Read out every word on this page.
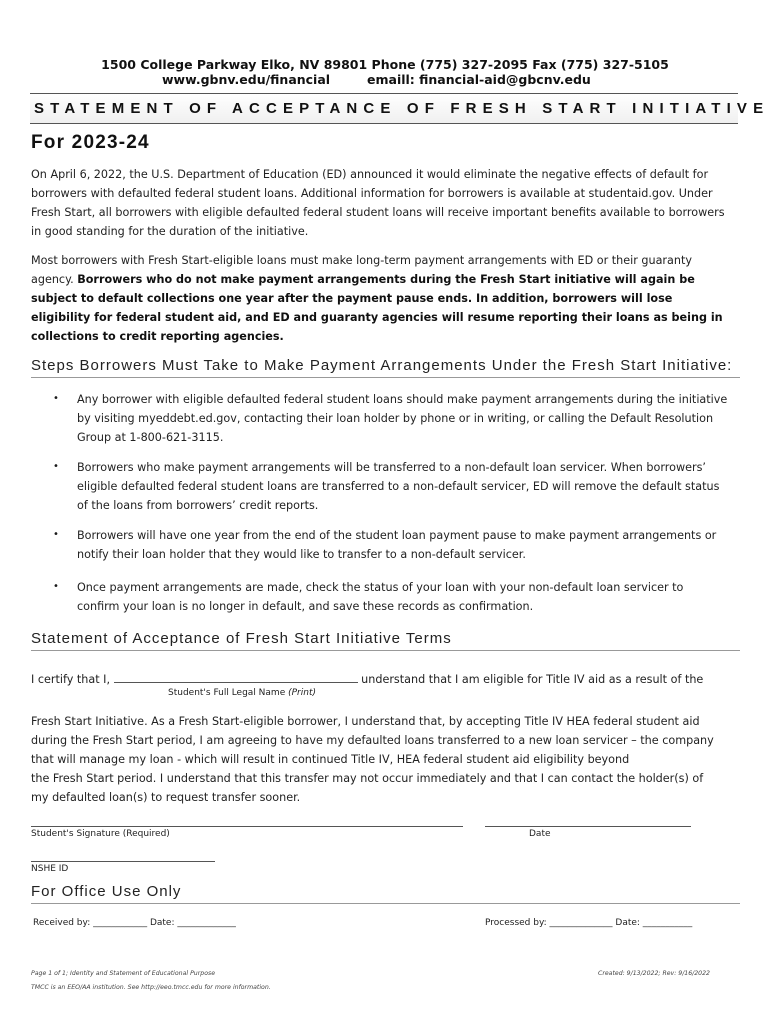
1500 College Parkway Elko, NV 89801 Phone (775) 327-2095 Fax (775) 327-5105
www.gbnv.edu/financial	emaill: financial-aid@gbcnv.edu
STATEMENT OF ACCEPTANCE OF FRESH START INITIATIVE
For 2023-24
On April 6, 2022, the U.S. Department of Education (ED) announced it would eliminate the negative effects of default for
borrowers with defaulted federal student loans. Additional information for borrowers is available at studentaid.gov. Under
Fresh Start, all borrowers with eligible defaulted federal student loans will receive important benefits available to borrowers
in good standing for the duration of the initiative.
Most borrowers with Fresh Start-eligible loans must make long-term payment arrangements with ED or their guaranty
agency. Borrowers who do not make payment arrangements during the Fresh Start initiative will again be
subject to default collections one year after the payment pause ends. In addition, borrowers will lose
eligibility for federal student aid, and ED and guaranty agencies will resume reporting their loans as being in
collections to credit reporting agencies.
Steps Borrowers Must Take to Make Payment Arrangements Under the Fresh Start Initiative:
• Any borrower with eligible defaulted federal student loans should make payment arrangements during the initiative
by visiting myeddebt.ed.gov, contacting their loan holder by phone or in writing, or calling the Default Resolution
Group at 1-800-621-3115.
• Borrowers who make payment arrangements will be transferred to a non-default loan servicer. When borrowers’
eligible defaulted federal student loans are transferred to a non-default servicer, ED will remove the default status
of the loans from borrowers’ credit reports.
• Borrowers will have one year from the end of the student loan payment pause to make payment arrangements or
notify their loan holder that they would like to transfer to a non-default servicer.
• Once payment arrangements are made, check the status of your loan with your non-default loan servicer to
confirm your loan is no longer in default, and save these records as confirmation.
Statement of Acceptance of Fresh Start Initiative Terms
I certify that I,	understand that I am eligible for Title IV aid as a result of the
Student's Full Legal Name (Print)
Fresh Start Initiative. As a Fresh Start-eligible borrower, I understand that, by accepting Title IV HEA federal student aid
during the Fresh Start period, I am agreeing to have my defaulted loans transferred to a new loan servicer – the company
that will manage my loan - which will result in continued Title IV, HEA federal student aid eligibility beyond
the Fresh Start period. I understand that this transfer may not occur immediately and that I can contact the holder(s) of
my defaulted loan(s) to request transfer sooner.
Student's Signature (Required)	Date
NSHE ID
For Office Use Only
Received by: ____________ Date: _____________	Processed by: ______________ Date: ___________
Page 1 of 1; Identity and Statement of Educational Purpose
TMCC is an EEO/AA institution. See http://eeo.tmcc.edu for more information.
Created: 9/13/2022; Rev: 9/16/2022
